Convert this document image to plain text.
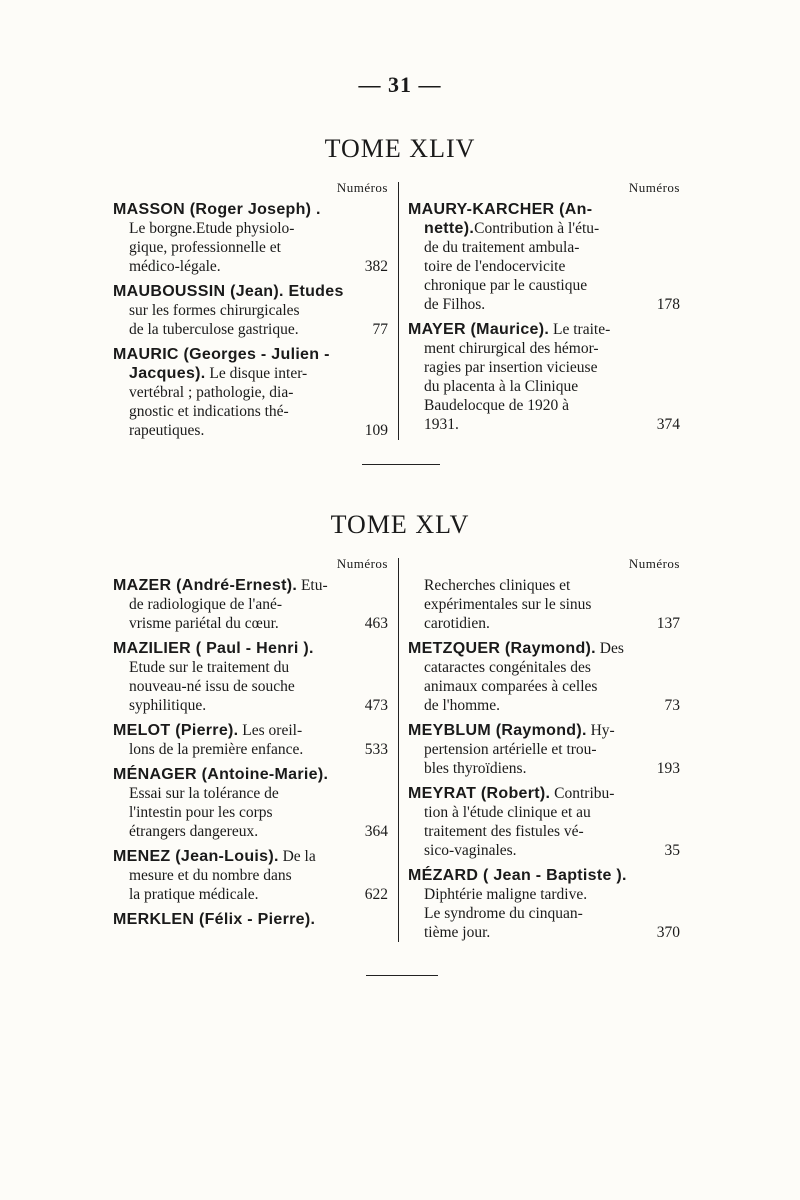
— 31 —
TOME XLIV
Numéros
MASSON (Roger Joseph) .
Le borgne.Etude physiolo-
gique, professionnelle et
médico-légale.	382
MAUBOUSSIN (Jean). Etudes
sur les formes chirurgicales
de la tuberculose gastrique.	77
MAURIC (Georges - Julien -
Jacques). Le disque inter-
vertébral ; pathologie, dia-
gnostic et indications thé-
rapeutiques.	109
Numéros
MAURY-KARCHER (An-
nette).Contribution à l'étu-
de du traitement ambula-
toire de l'endocervicite
chronique par le caustique
de Filhos.	178
MAYER (Maurice). Le traite-
ment chirurgical des hémor-
ragies par insertion vicieuse
du placenta à la Clinique
Baudelocque de 1920 à
1931.	374
TOME XLV
Numéros
MAZER (André-Ernest). Etu-
de radiologique de l'ané-
vrisme pariétal du cœur.	463
MAZILIER ( Paul - Henri ).
Etude sur le traitement du
nouveau-né issu de souche
syphilitique.	473
MELOT (Pierre). Les oreil-
lons de la première enfance.	533
MÉNAGER (Antoine-Marie).
Essai sur la tolérance de
l'intestin pour les corps
étrangers dangereux.	364
MENEZ (Jean-Louis). De la
mesure et du nombre dans
la pratique médicale.	622
MERKLEN (Félix - Pierre).
Numéros
Recherches cliniques et
expérimentales sur le sinus
carotidien.	137
METZQUER (Raymond). Des
cataractes congénitales des
animaux comparées à celles
de l'homme.	73
MEYBLUM (Raymond). Hy-
pertension artérielle et trou-
bles thyroïdiens.	193
MEYRAT (Robert). Contribu-
tion à l'étude clinique et au
traitement des fistules vé-
sico-vaginales.	35
MÉZARD ( Jean - Baptiste ).
Diphtérie maligne tardive.
Le syndrome du cinquan-
tième jour.	370
